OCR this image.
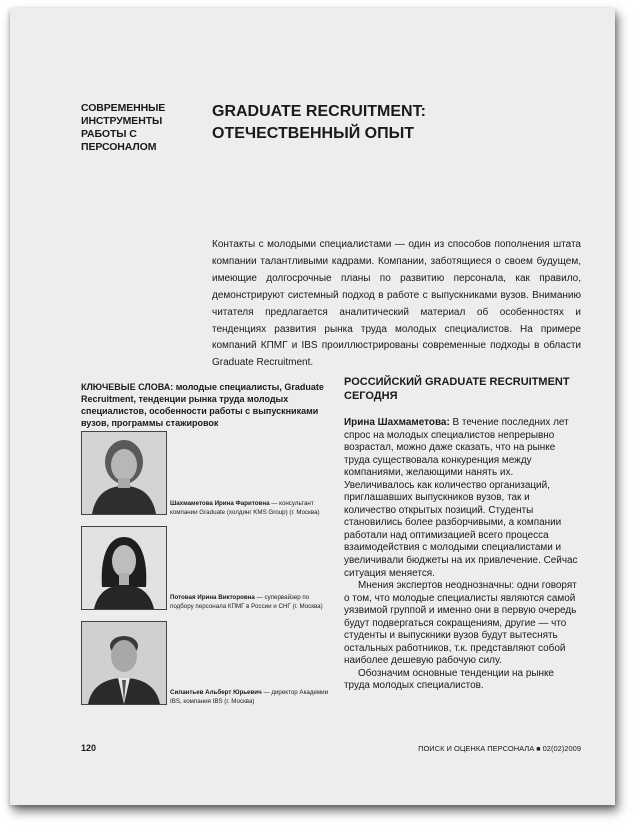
СОВРЕМЕННЫЕ ИНСТРУМЕНТЫ РАБОТЫ С ПЕРСОНАЛОМ
GRADUATE RECRUITMENT: ОТЕЧЕСТВЕННЫЙ ОПЫТ

Контакты с молодыми специалистами — один из способов пополнения штата компании талантливыми кадрами. Компании, заботящиеся о своем будущем, имеющие долгосрочные планы по развитию персонала, как правило, демонстрируют системный подход в работе с выпускниками вузов. Вниманию читателя предлагается аналитический материал об особенностях и тенденциях развития рынка труда молодых специалистов. На примере компаний КПМГ и IBS проиллюстрированы современные подходы в области Graduate Recruitment.

КЛЮЧЕВЫЕ СЛОВА: молодые специалисты, Graduate Recruitment, тенденции рынка труда молодых специалистов, особенности работы с выпускниками вузов, программы стажировок
Шахмаметова Ирина Фаритовна — консультант компании Graduate (холдинг KMS Group) (г. Москва)
Потовая Ирина Викторовна — супервайзер по подбору персонала КПМГ в России и СНГ (г. Москва)
Силантьев Альберт Юрьевич — директор Академии IBS, компания IBS (г. Москва)
РОССИЙСКИЙ GRADUATE RECRUITMENT СЕГОДНЯ

Ирина Шахмаметова: В течение последних лет спрос на молодых специалистов непрерывно возрастал, можно даже сказать, что на рынке труда существовала конкуренция между компаниями, желающими нанять их. Увеличивалось как количество организаций, приглашавших выпускников вузов, так и количество открытых позиций. Студенты становились более разборчивыми, а компании работали над оптимизацией всего процесса взаимодействия с молодыми специалистами и увеличивали бюджеты на их привлечение. Сейчас ситуация меняется.

Мнения экспертов неоднозначны: одни говорят о том, что молодые специалисты являются самой уязвимой группой и именно они в первую очередь будут подвергаться сокращениям, другие — что студенты и выпускники вузов будут вытеснять остальных работников, т.к. представляют собой наиболее дешевую рабочую силу.

Обозначим основные тенденции на рынке труда молодых специалистов.

120	ПОИСК И ОЦЕНКА ПЕРСОНАЛА ■ 02(02)2009
